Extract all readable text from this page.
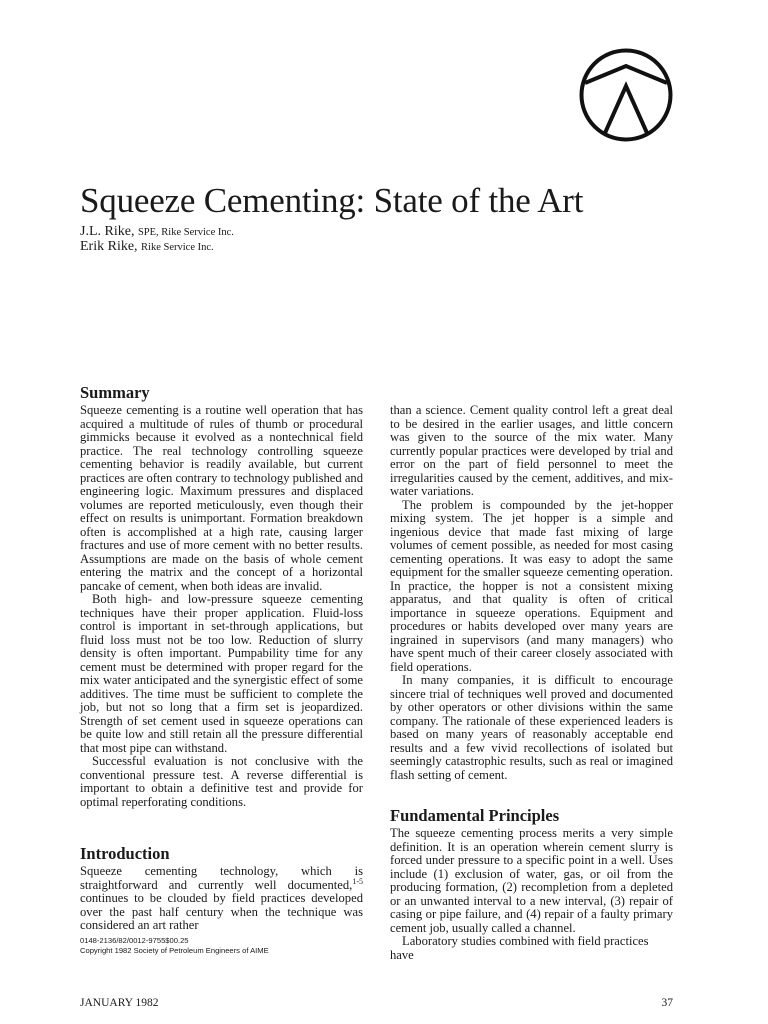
Squeeze Cementing: State of the Art
J.L. Rike, SPE, Rike Service Inc.
Erik Rike, Rike Service Inc.
Summary

Squeeze cementing is a routine well operation that has acquired a multitude of rules of thumb or procedural gimmicks because it evolved as a nontechnical field practice. The real technology controlling squeeze cementing behavior is readily available, but current practices are often contrary to technology published and engineering logic. Maximum pressures and displaced volumes are reported meticulously, even though their effect on results is unimportant. Formation breakdown often is accomplished at a high rate, causing larger fractures and use of more cement with no better results. Assumptions are made on the basis of whole cement entering the matrix and the concept of a horizontal pancake of cement, when both ideas are invalid.

Both high- and low-pressure squeeze cementing techniques have their proper application. Fluid-loss control is important in set-through applications, but fluid loss must not be too low. Reduction of slurry density is often important. Pumpability time for any cement must be determined with proper regard for the mix water anticipated and the synergistic effect of some additives. The time must be sufficient to complete the job, but not so long that a firm set is jeopardized. Strength of set cement used in squeeze operations can be quite low and still retain all the pressure differential that most pipe can withstand.

Successful evaluation is not conclusive with the conventional pressure test. A reverse differential is important to obtain a definitive test and provide for optimal reperforating conditions.

Introduction

Squeeze cementing technology, which is straightforward and currently well documented,$^{1-5}$ continues to be clouded by field practices developed over the past half century when the technique was considered an art rather

0148-2136/82/0012-9755$00.25
Copyright 1982 Society of Petroleum Engineers of AIME

than a science. Cement quality control left a great deal to be desired in the earlier usages, and little concern was given to the source of the mix water. Many currently popular practices were developed by trial and error on the part of field personnel to meet the irregularities caused by the cement, additives, and mix-water variations.

The problem is compounded by the jet-hopper mixing system. The jet hopper is a simple and ingenious device that made fast mixing of large volumes of cement possible, as needed for most casing cementing operations. It was easy to adopt the same equipment for the smaller squeeze cementing operation. In practice, the hopper is not a consistent mixing apparatus, and that quality is often of critical importance in squeeze operations. Equipment and procedures or habits developed over many years are ingrained in supervisors (and many managers) who have spent much of their career closely associated with field operations.

In many companies, it is difficult to encourage sincere trial of techniques well proved and documented by other operators or other divisions within the same company. The rationale of these experienced leaders is based on many years of reasonably acceptable end results and a few vivid recollections of isolated but seemingly catastrophic results, such as real or imagined flash setting of cement.

Fundamental Principles

The squeeze cementing process merits a very simple definition. It is an operation wherein cement slurry is forced under pressure to a specific point in a well. Uses include (1) exclusion of water, gas, or oil from the producing formation, (2) recompletion from a depleted or an unwanted interval to a new interval, (3) repair of casing or pipe failure, and (4) repair of a faulty primary cement job, usually called a channel.

Laboratory studies combined with field practices have

JANUARY 1982	37
